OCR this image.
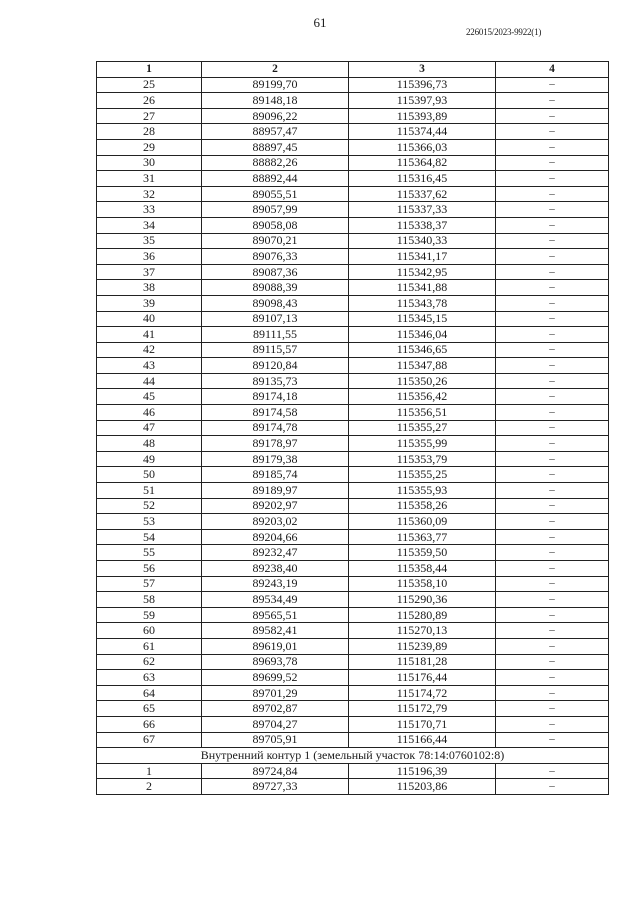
61
226015/2023-9922(1)
1	2	3	4
25	89199,70	115396,73	–
26	89148,18	115397,93	–
27	89096,22	115393,89	–
28	88957,47	115374,44	–
29	88897,45	115366,03	–
30	88882,26	115364,82	–
31	88892,44	115316,45	–
32	89055,51	115337,62	–
33	89057,99	115337,33	–
34	89058,08	115338,37	–
35	89070,21	115340,33	–
36	89076,33	115341,17	–
37	89087,36	115342,95	–
38	89088,39	115341,88	–
39	89098,43	115343,78	–
40	89107,13	115345,15	–
41	89111,55	115346,04	–
42	89115,57	115346,65	–
43	89120,84	115347,88	–
44	89135,73	115350,26	–
45	89174,18	115356,42	–
46	89174,58	115356,51	–
47	89174,78	115355,27	–
48	89178,97	115355,99	–
49	89179,38	115353,79	–
50	89185,74	115355,25	–
51	89189,97	115355,93	–
52	89202,97	115358,26	–
53	89203,02	115360,09	–
54	89204,66	115363,77	–
55	89232,47	115359,50	–
56	89238,40	115358,44	–
57	89243,19	115358,10	–
58	89534,49	115290,36	–
59	89565,51	115280,89	–
60	89582,41	115270,13	–
61	89619,01	115239,89	–
62	89693,78	115181,28	–
63	89699,52	115176,44	–
64	89701,29	115174,72	–
65	89702,87	115172,79	–
66	89704,27	115170,71	–
67	89705,91	115166,44	–
Внутренний контур 1 (земельный участок 78:14:0760102:8)			
1	89724,84	115196,39	–
2	89727,33	115203,86	–
